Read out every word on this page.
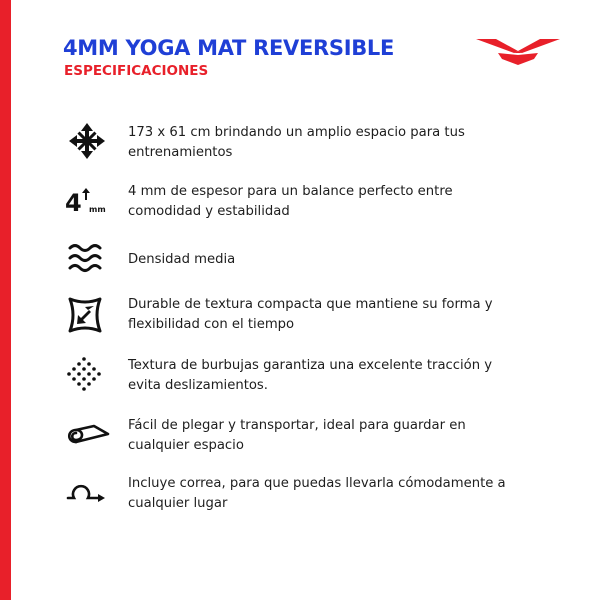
4MM YOGA MAT REVERSIBLE
ESPECIFICACIONES
173 x 61 cm brindando un amplio espacio para tus entrenamientos
4 mm
4 mm de espesor para un balance perfecto entre comodidad y estabilidad
Densidad media
Durable de textura compacta que mantiene su forma y flexibilidad con el tiempo
Textura de burbujas garantiza una excelente tracción y evita deslizamientos.
Fácil de plegar y transportar, ideal para guardar en cualquier espacio
Incluye correa, para que puedas llevarla cómodamente a cualquier lugar
